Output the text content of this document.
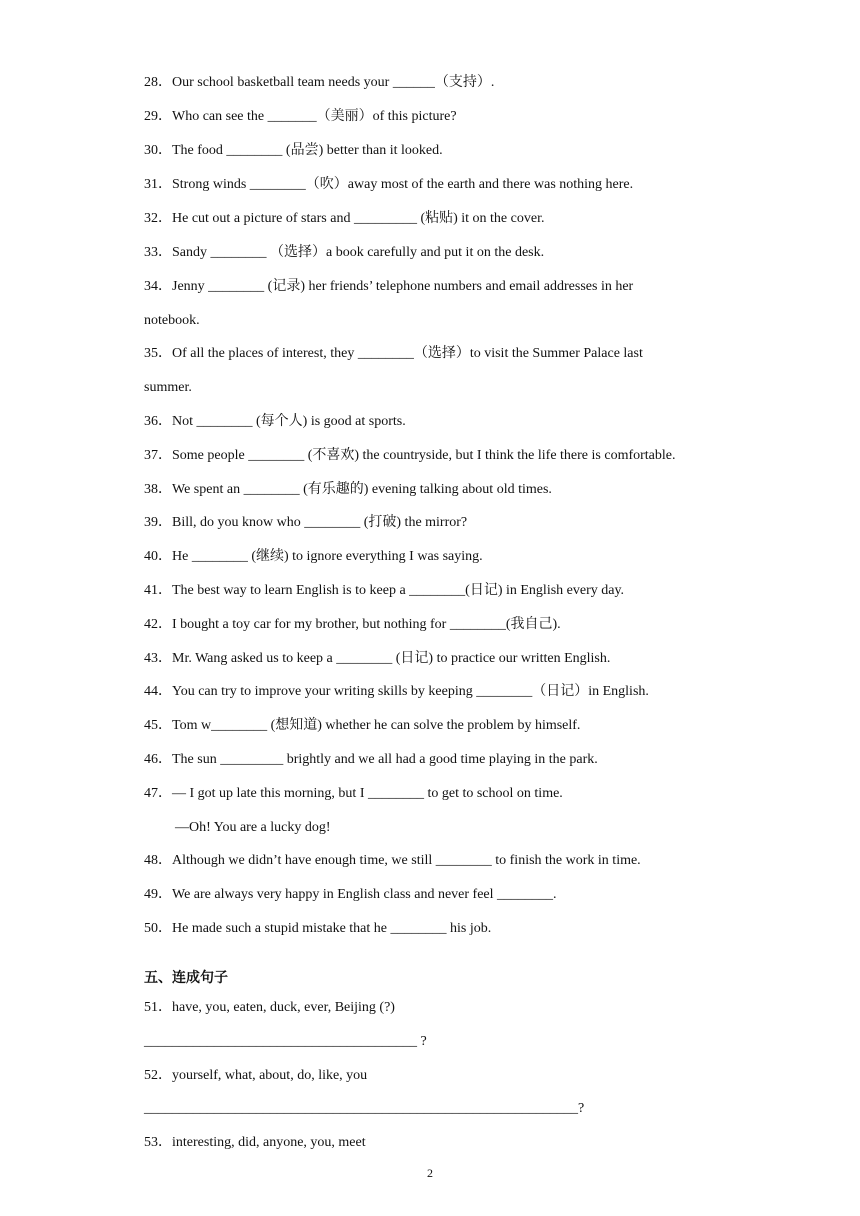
28．Our school basketball team needs your ______（支持）.
29．Who can see the _______（美丽）of this picture?
30．The food ________ (品尝) better than it looked.
31．Strong winds ________（吹）away most of the earth and there was nothing here.
32．He cut out a picture of stars and _________ (粘贴) it on the cover.
33．Sandy ________ （选择）a book carefully and put it on the desk.
34．Jenny ________ (记录) her friends’ telephone numbers and email addresses in her
notebook.
35．Of all the places of interest, they ________（选择）to visit the Summer Palace last
summer.
36．Not ________ (每个人) is good at sports.
37．Some people ________ (不喜欢) the countryside, but I think the life there is comfortable.
38．We spent an ________ (有乐趣的) evening talking about old times.
39．Bill, do you know who ________ (打破) the mirror?
40．He ________ (继续) to ignore everything I was saying.
41．The best way to learn English is to keep a ________(日记) in English every day.
42．I bought a toy car for my brother, but nothing for ________(我自己).
43．Mr. Wang asked us to keep a ________ (日记) to practice our written English.
44．You can try to improve your writing skills by keeping ________（日记）in English.
45．Tom w________ (想知道) whether he can solve the problem by himself.
46．The sun _________ brightly and we all had a good time playing in the park.
47．— I got up late this morning, but I ________ to get to school on time.
—Oh! You are a lucky dog!
48．Although we didn’t have enough time, we still ________ to finish the work in time.
49．We are always very happy in English class and never feel ________.
50．He made such a stupid mistake that he ________ his job.
五、连成句子
51．have, you, eaten, duck, ever, Beijing (?)
_______________________________________ ?
52．yourself, what, about, do, like, you
______________________________________________________________?
53．interesting, did, anyone, you, meet
2
